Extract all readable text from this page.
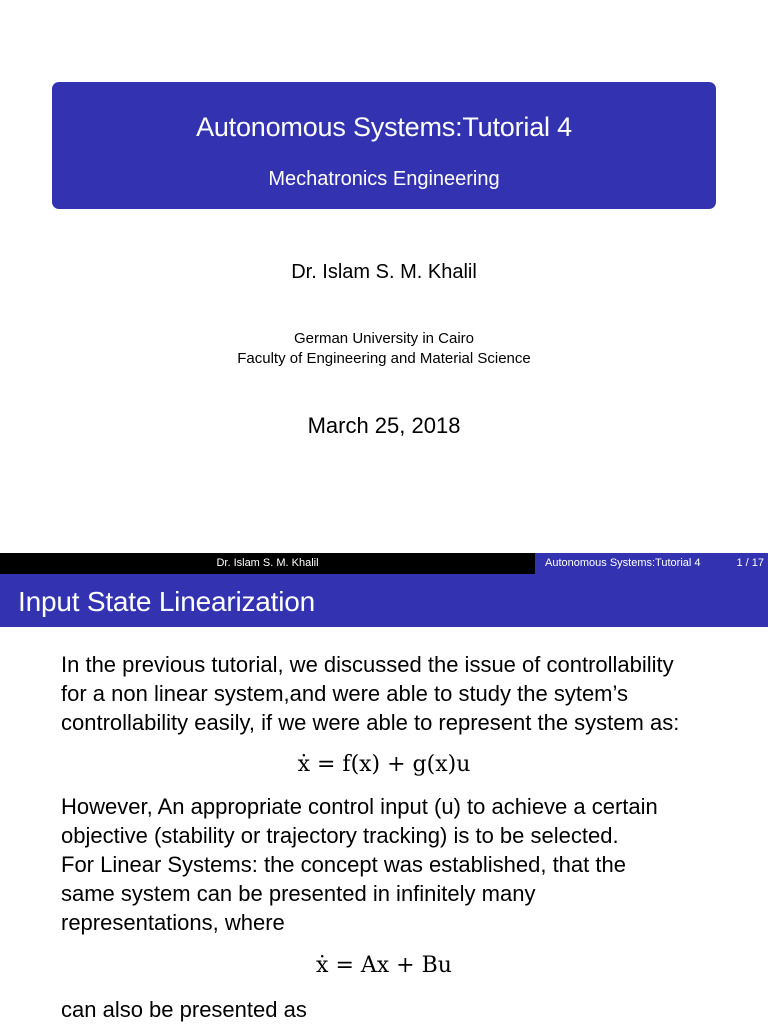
Autonomous Systems:Tutorial 4
Mechatronics Engineering
Dr. Islam S. M. Khalil
German University in Cairo
Faculty of Engineering and Material Science
March 25, 2018
Dr. Islam S. M. Khalil	Autonomous Systems:Tutorial 4	1 / 17
Input State Linearization
In the previous tutorial, we discussed the issue of controllability
for a non linear system,and were able to study the sytem’s
controllability easily, if we were able to represent the system as:
ẋ = f(x) + g(x)u
However, An appropriate control input (u) to achieve a certain
objective (stability or trajectory tracking) is to be selected.
For Linear Systems: the concept was established, that the
same system can be presented in infinitely many
representations, where
ẋ = Ax + Bu
can also be presented as
